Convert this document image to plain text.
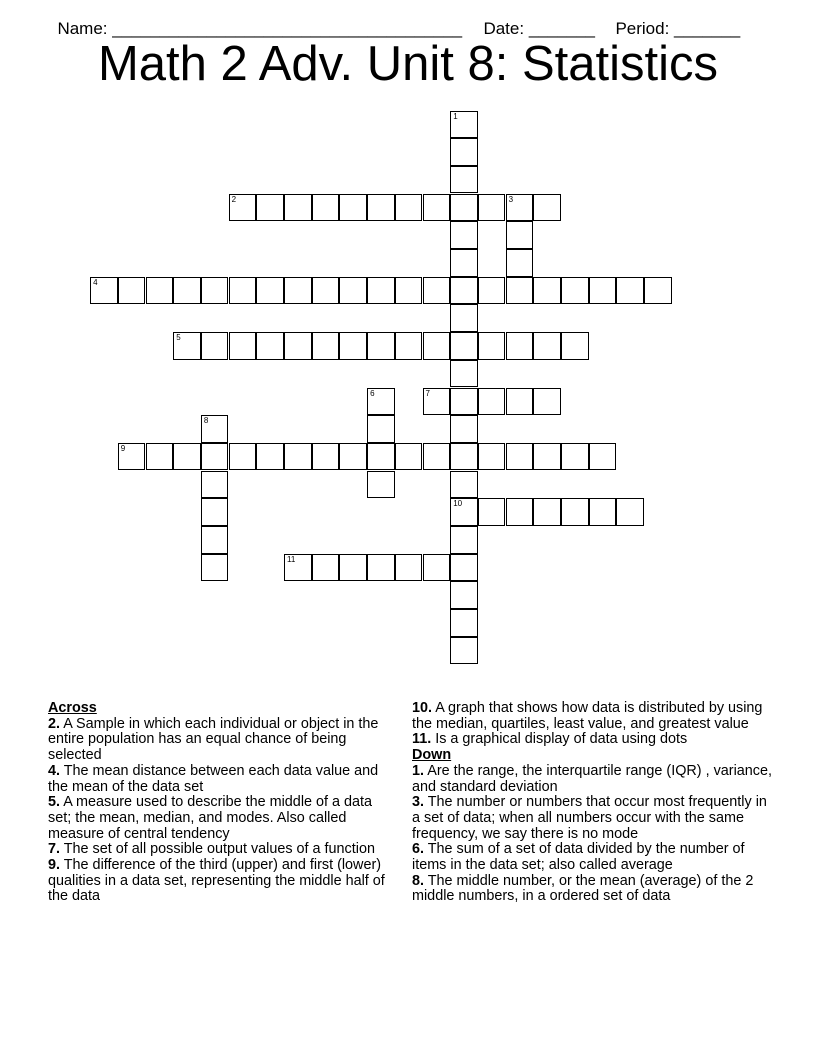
Name: _____________________________________	Date: _______	Period: _______

Math 2 Adv. Unit 8: Statistics
1
10
2	3
4
5
6	7
8
9
11

Across

2. A Sample in which each individual or object in the entire population has an equal chance of being selected

4. The mean distance between each data value and the mean of the data set

5. A measure used to describe the middle of a data set; the mean, median, and modes. Also called measure of central tendency

7. The set of all possible output values of a function

9. The difference of the third (upper) and first (lower) qualities in a data set, representing the middle half of the data

10. A graph that shows how data is distributed by using the median, quartiles, least value, and greatest value

11. Is a graphical display of data using dots

Down

1. Are the range, the interquartile range (IQR) , variance, and standard deviation

3. The number or numbers that occur most frequently in a set of data; when all numbers occur with the same frequency, we say there is no mode

6. The sum of a set of data divided by the number of items in the data set; also called average

8. The middle number, or the mean (average) of the 2 middle numbers, in a ordered set of data
